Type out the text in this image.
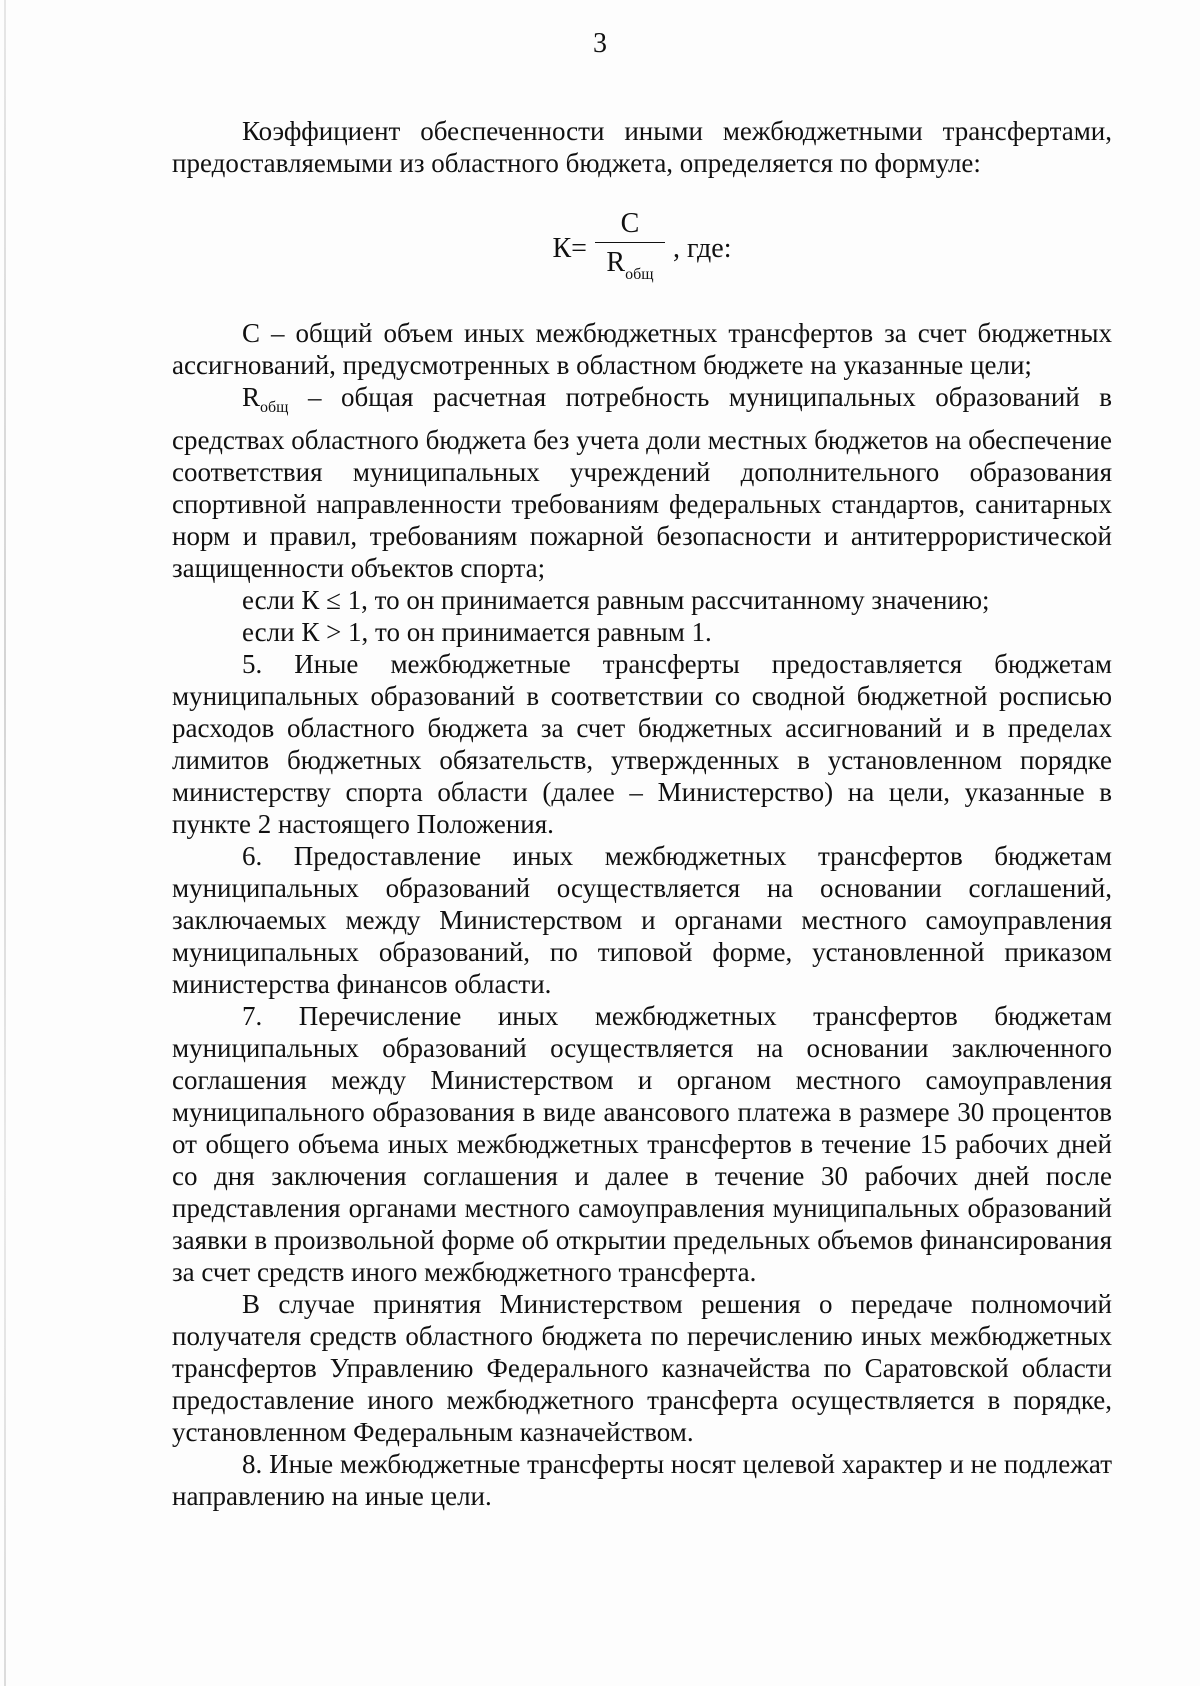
3

Коэффициент обеспеченности иными межбюджетными трансфертами, предоставляемыми из областного бюджета, определяется по формуле:

$К= \frac{С}{R_{общ}}$ , где:

С – общий объем иных межбюджетных трансфертов за счет бюджетных ассигнований, предусмотренных в областном бюджете на указанные цели;

$R_{общ}$ – общая расчетная потребность муниципальных образований в средствах областного бюджета без учета доли местных бюджетов на обеспечение соответствия муниципальных учреждений дополнительного образования спортивной направленности требованиям федеральных стандартов, санитарных норм и правил, требованиям пожарной безопасности и антитеррористической защищенности объектов спорта;

если К ≤ 1, то он принимается равным рассчитанному значению;

если К > 1, то он принимается равным 1.

5. Иные межбюджетные трансферты предоставляется бюджетам муниципальных образований в соответствии со сводной бюджетной росписью расходов областного бюджета за счет бюджетных ассигнований и в пределах лимитов бюджетных обязательств, утвержденных в установленном порядке министерству спорта области (далее – Министерство) на цели, указанные в пункте 2 настоящего Положения.

6. Предоставление иных межбюджетных трансфертов бюджетам муниципальных образований осуществляется на основании соглашений, заключаемых между Министерством и органами местного самоуправления муниципальных образований, по типовой форме, установленной приказом министерства финансов области.

7. Перечисление иных межбюджетных трансфертов бюджетам муниципальных образований осуществляется на основании заключенного соглашения между Министерством и органом местного самоуправления муниципального образования в виде авансового платежа в размере 30 процентов от общего объема иных межбюджетных трансфертов в течение 15 рабочих дней со дня заключения соглашения и далее в течение 30 рабочих дней после представления органами местного самоуправления муниципальных образований заявки в произвольной форме об открытии предельных объемов финансирования за счет средств иного межбюджетного трансферта.

В случае принятия Министерством решения о передаче полномочий получателя средств областного бюджета по перечислению иных межбюджетных трансфертов Управлению Федерального казначейства по Саратовской области предоставление иного межбюджетного трансферта осуществляется в порядке, установленном Федеральным казначейством.

8. Иные межбюджетные трансферты носят целевой характер и не подлежат направлению на иные цели.
